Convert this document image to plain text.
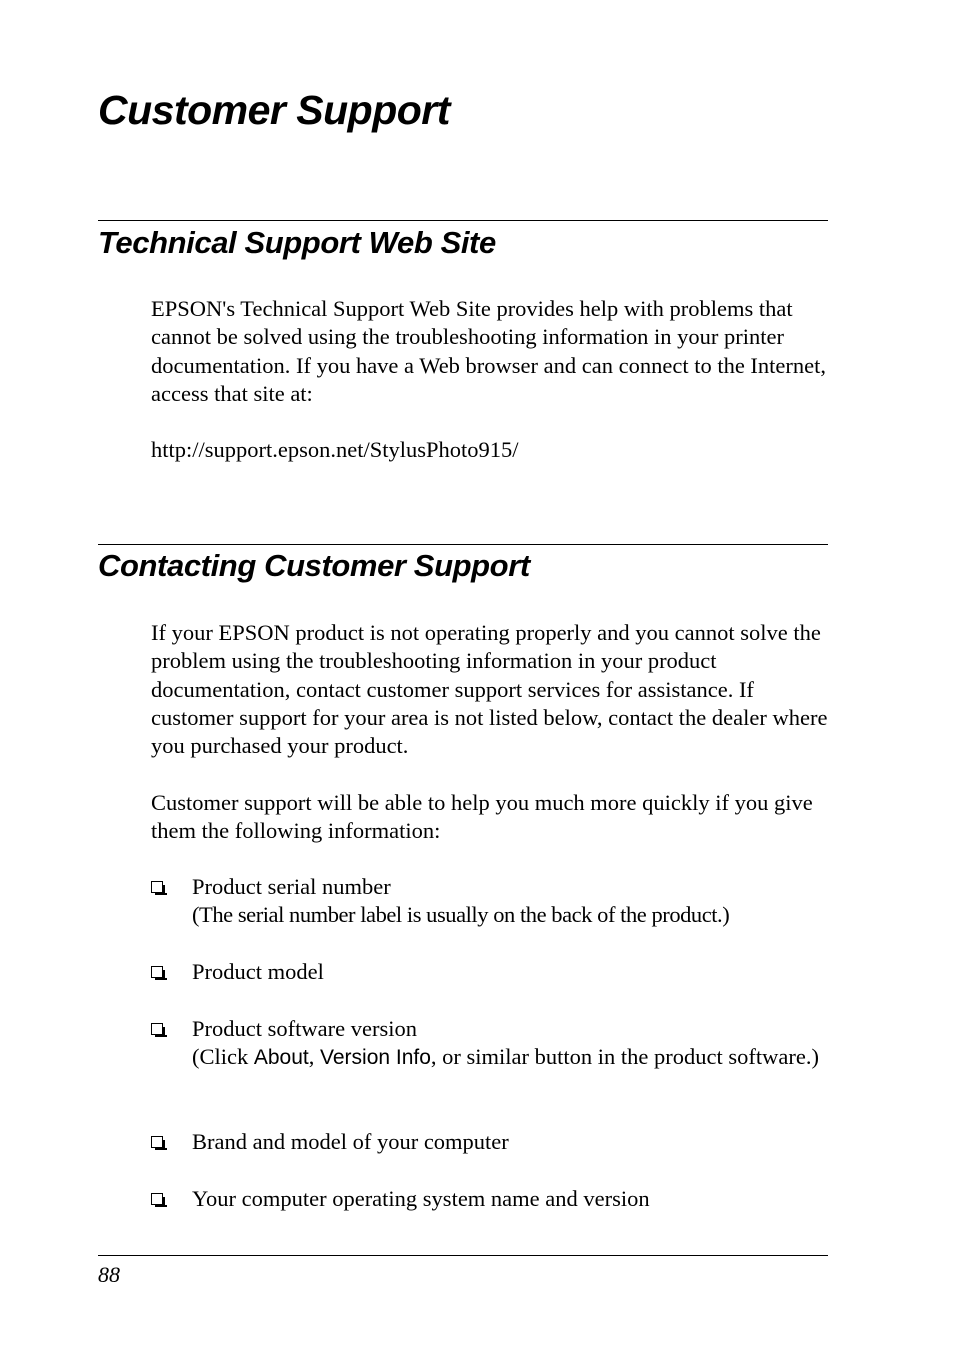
Customer Support
Technical Support Web Site

EPSON's Technical Support Web Site provides help with problems that cannot be solved using the troubleshooting information in your printer documentation. If you have a Web browser and can connect to the Internet, access that site at:

http://support.epson.net/StylusPhoto915/

Contacting Customer Support

If your EPSON product is not operating properly and you cannot solve the problem using the troubleshooting information in your product documentation, contact customer support services for assistance. If customer support for your area is not listed below, contact the dealer where you purchased your product.

Customer support will be able to help you much more quickly if you give them the following information:

Product serial number
(The serial number label is usually on the back of the product.)
Product model
Product software version
(Click About, Version Info, or similar button in the product software.)
Brand and model of your computer
Your computer operating system name and version
88
